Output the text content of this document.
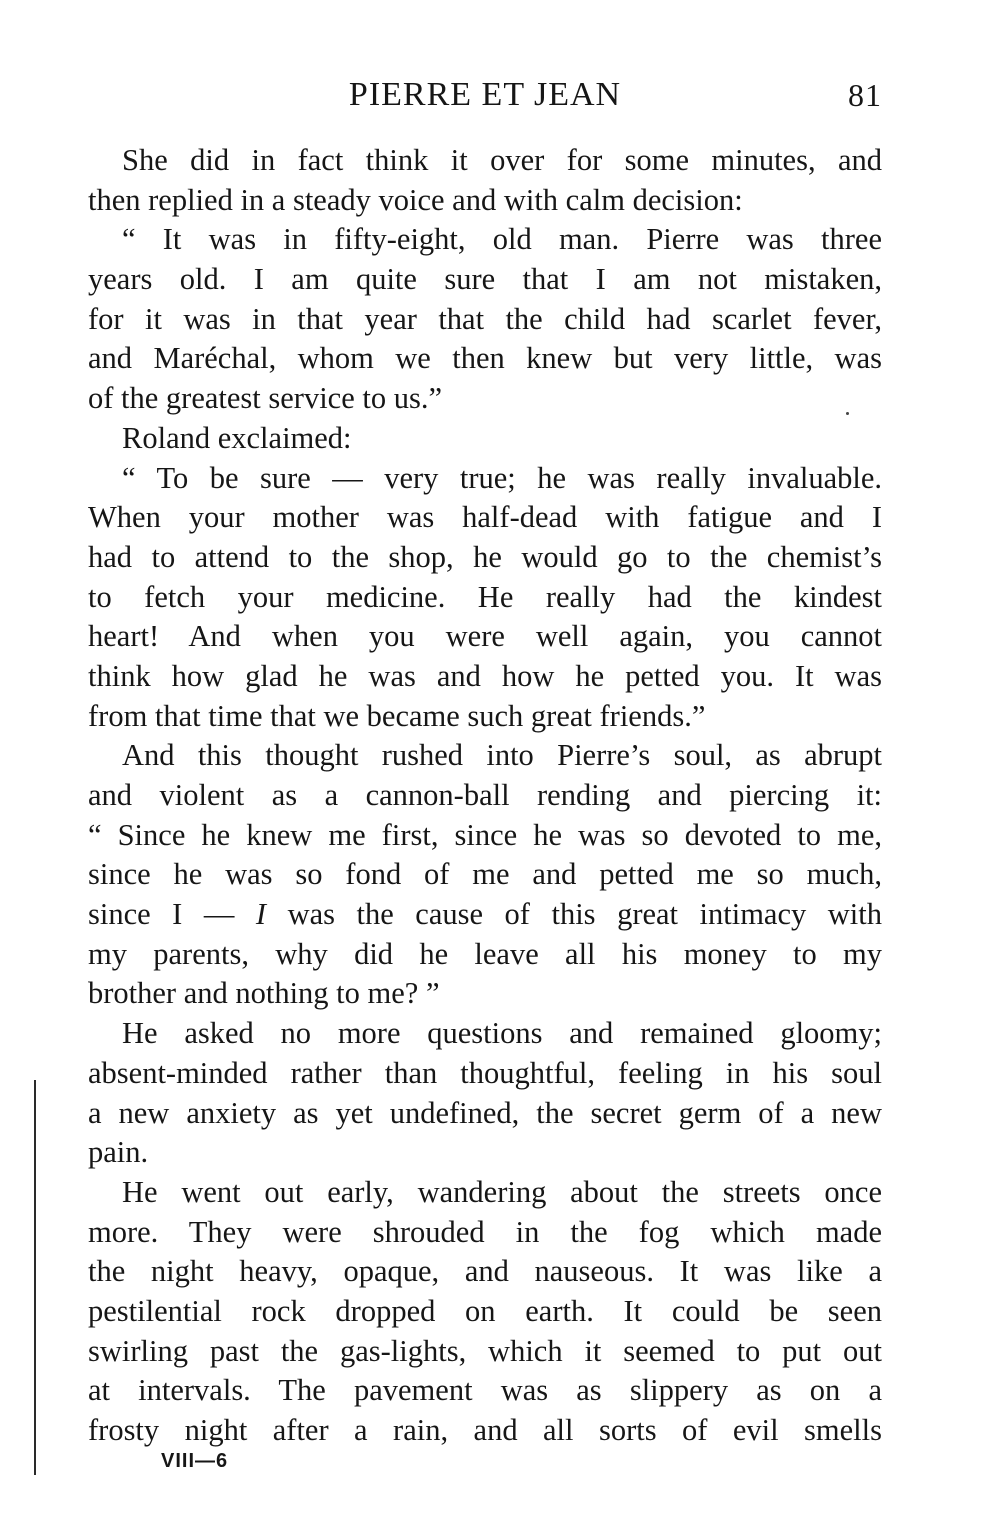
PIERRE ET JEAN	81
She did in fact think it over for some minutes, and
then replied in a steady voice and with calm decision:
“ It was in fifty-eight, old man. Pierre was three
years old. I am quite sure that I am not mistaken,
for it was in that year that the child had scarlet fever,
and Maréchal, whom we then knew but very little, was
of the greatest service to us.”
Roland exclaimed:
“ To be sure — very true; he was really invaluable.
When your mother was half-dead with fatigue and I
had to attend to the shop, he would go to the chemist’s
to fetch your medicine. He really had the kindest
heart! And when you were well again, you cannot
think how glad he was and how he petted you. It was
from that time that we became such great friends.”
And this thought rushed into Pierre’s soul, as abrupt
and violent as a cannon-ball rending and piercing it:
“ Since he knew me first, since he was so devoted to me,
since he was so fond of me and petted me so much,
since I — I was the cause of this great intimacy with
my parents, why did he leave all his money to my
brother and nothing to me? ”
He asked no more questions and remained gloomy;
absent-minded rather than thoughtful, feeling in his soul
a new anxiety as yet undefined, the secret germ of a new
pain.
He went out early, wandering about the streets once
more. They were shrouded in the fog which made
the night heavy, opaque, and nauseous. It was like a
pestilential rock dropped on earth. It could be seen
swirling past the gas-lights, which it seemed to put out
at intervals. The pavement was as slippery as on a
frosty night after a rain, and all sorts of evil smells
VIII—6
